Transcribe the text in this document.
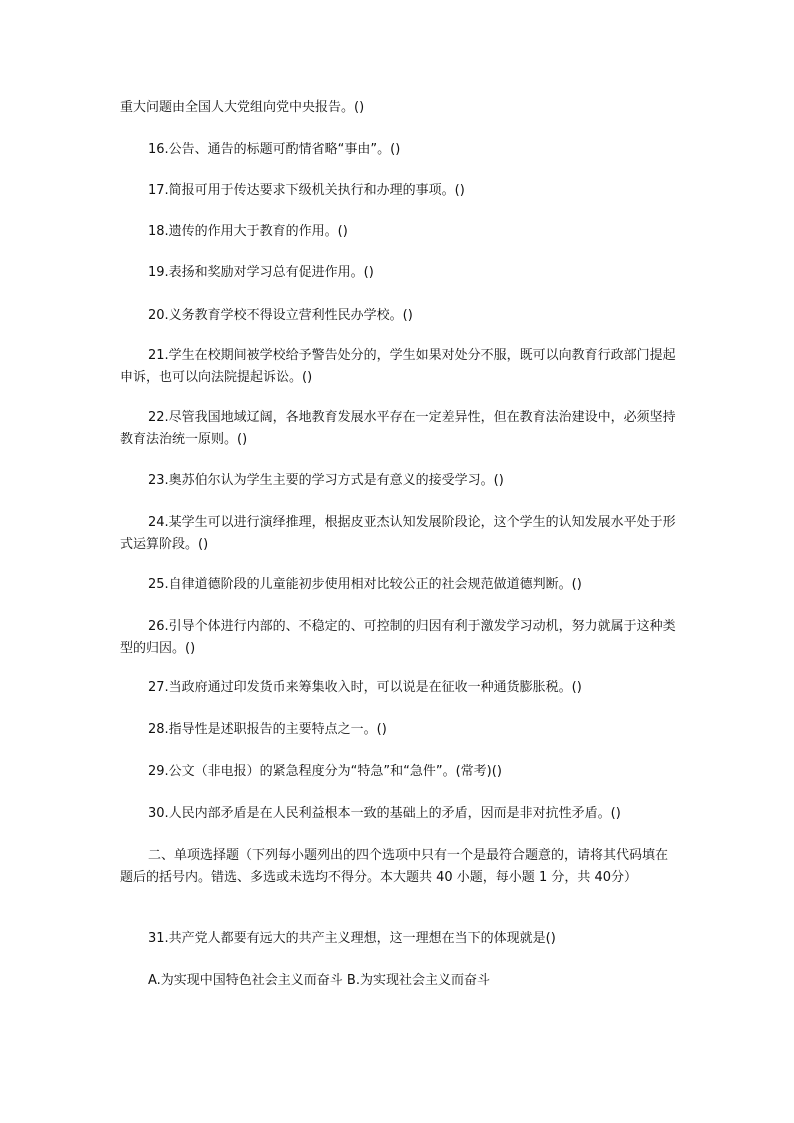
重大问题由全国人大党组向党中央报告。()

16.公告、通告的标题可酌情省略“事由”。()

17.简报可用于传达要求下级机关执行和办理的事项。()

18.遗传的作用大于教育的作用。()

19.表扬和奖励对学习总有促进作用。()

20.义务教育学校不得设立营利性民办学校。()

21.学生在校期间被学校给予警告处分的，学生如果对处分不服，既可以向教育行政部门提起申诉，也可以向法院提起诉讼。()

22.尽管我国地域辽阔，各地教育发展水平存在一定差异性，但在教育法治建设中，必须坚持教育法治统一原则。()

23.奥苏伯尔认为学生主要的学习方式是有意义的接受学习。()

24.某学生可以进行演绎推理，根据皮亚杰认知发展阶段论，这个学生的认知发展水平处于形式运算阶段。()

25.自律道德阶段的儿童能初步使用相对比较公正的社会规范做道德判断。()

26.引导个体进行内部的、不稳定的、可控制的归因有利于激发学习动机，努力就属于这种类型的归因。()

27.当政府通过印发货币来筹集收入时，可以说是在征收一种通货膨胀税。()

28.指导性是述职报告的主要特点之一。()

29.公文（非电报）的紧急程度分为“特急”和“急件”。(常考)()

30.人民内部矛盾是在人民利益根本一致的基础上的矛盾，因而是非对抗性矛盾。()

二、单项选择题（下列每小题列出的四个选项中只有一个是最符合题意的，请将其代码填在题后的括号内。错选、多选或未选均不得分。本大题共 40 小题，每小题 1 分，共 40分）

31.共产党人都要有远大的共产主义理想，这一理想在当下的体现就是()

A.为实现中国特色社会主义而奋斗 B.为实现社会主义而奋斗
